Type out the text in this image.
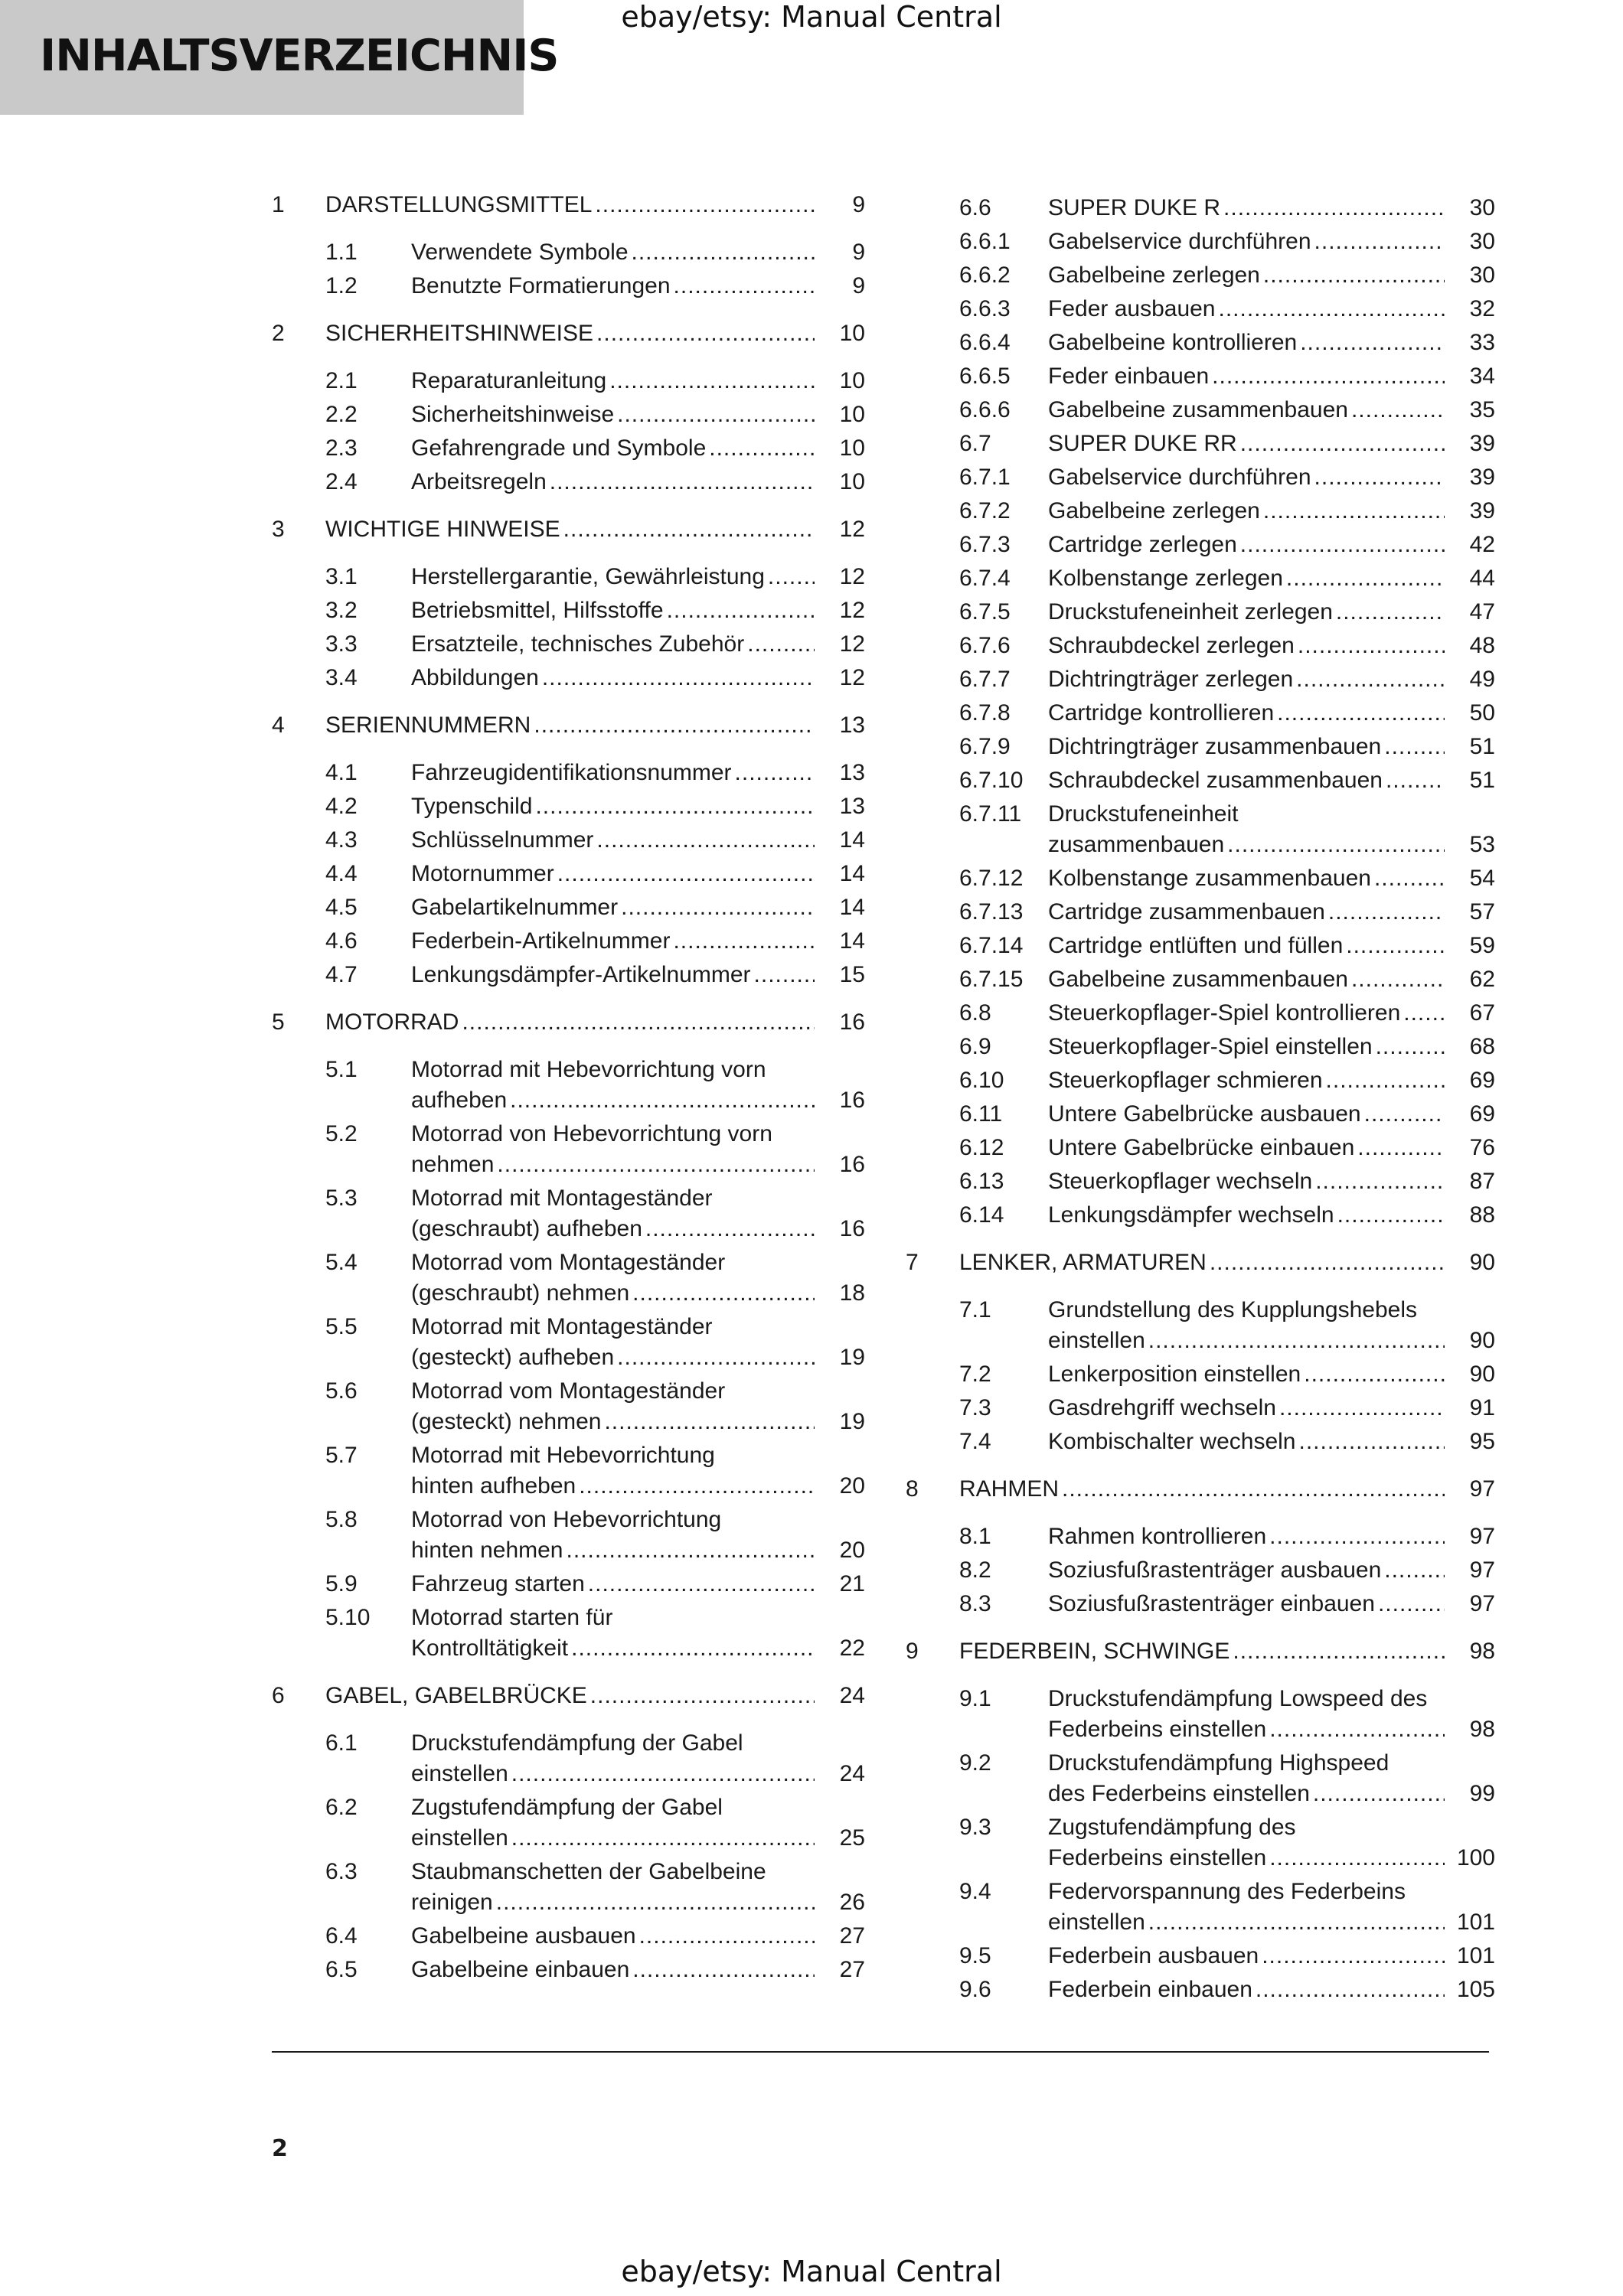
INHALTSVERZEICHNIS
ebay/etsy: Manual Central
1 DARSTELLUNGSMITTEL .....	9
1.1 Verwendete Symbole .....	9
1.2 Benutzte Formatierungen .....	9
2 SICHERHEITSHINWEISE .....	10
2.1 Reparaturanleitung .....	10
2.2 Sicherheitshinweise .....	10
2.3 Gefahrengrade und Symbole .....	10
2.4 Arbeitsregeln .....	10
3 WICHTIGE HINWEISE .....	12
3.1 Herstellergarantie, Gewährleistung .....	12
3.2 Betriebsmittel, Hilfsstoffe .....	12
3.3 Ersatzteile, technisches Zubehör .....	12
3.4 Abbildungen .....	12
4 SERIENNUMMERN .....	13
4.1 Fahrzeugidentifikationsnummer .....	13
4.2 Typenschild .....	13
4.3 Schlüsselnummer .....	14
4.4 Motornummer .....	14
4.5 Gabelartikelnummer .....	14
4.6 Federbein-Artikelnummer .....	14
4.7 Lenkungsdämpfer-Artikelnummer .....	15
5 MOTORRAD .....	16
5.1 Motorrad mit Hebevorrichtung vorn
aufheben .....	16
5.2 Motorrad von Hebevorrichtung vorn
nehmen .....	16
5.3 Motorrad mit Montageständer
(geschraubt) aufheben .....	16
5.4 Motorrad vom Montageständer
(geschraubt) nehmen .....	18
5.5 Motorrad mit Montageständer
(gesteckt) aufheben .....	19
5.6 Motorrad vom Montageständer
(gesteckt) nehmen .....	19
5.7 Motorrad mit Hebevorrichtung
hinten aufheben .....	20
5.8 Motorrad von Hebevorrichtung
hinten nehmen .....	20
5.9 Fahrzeug starten .....	21
5.10 Motorrad starten für
Kontrolltätigkeit .....	22
6 GABEL, GABELBRÜCKE .....	24
6.1 Druckstufendämpfung der Gabel
einstellen .....	24
6.2 Zugstufendämpfung der Gabel
einstellen .....	25
6.3 Staubmanschetten der Gabelbeine
reinigen .....	26
6.4 Gabelbeine ausbauen .....	27
6.5 Gabelbeine einbauen .....	27
6.6 SUPER DUKE R .....	30
6.6.1 Gabelservice durchführen .....	30
6.6.2 Gabelbeine zerlegen .....	30
6.6.3 Feder ausbauen .....	32
6.6.4 Gabelbeine kontrollieren .....	33
6.6.5 Feder einbauen .....	34
6.6.6 Gabelbeine zusammenbauen .....	35
6.7 SUPER DUKE RR .....	39
6.7.1 Gabelservice durchführen .....	39
6.7.2 Gabelbeine zerlegen .....	39
6.7.3 Cartridge zerlegen .....	42
6.7.4 Kolbenstange zerlegen .....	44
6.7.5 Druckstufeneinheit zerlegen .....	47
6.7.6 Schraubdeckel zerlegen .....	48
6.7.7 Dichtringträger zerlegen .....	49
6.7.8 Cartridge kontrollieren .....	50
6.7.9 Dichtringträger zusammenbauen .....	51
6.7.10 Schraubdeckel zusammenbauen .....	51
6.7.11 Druckstufeneinheit
zusammenbauen .....	53
6.7.12 Kolbenstange zusammenbauen .....	54
6.7.13 Cartridge zusammenbauen .....	57
6.7.14 Cartridge entlüften und füllen .....	59
6.7.15 Gabelbeine zusammenbauen .....	62
6.8 Steuerkopflager-Spiel kontrollieren .....	67
6.9 Steuerkopflager-Spiel einstellen .....	68
6.10 Steuerkopflager schmieren .....	69
6.11 Untere Gabelbrücke ausbauen .....	69
6.12 Untere Gabelbrücke einbauen .....	76
6.13 Steuerkopflager wechseln .....	87
6.14 Lenkungsdämpfer wechseln .....	88
7 LENKER, ARMATUREN .....	90
7.1 Grundstellung des Kupplungshebels
einstellen .....	90
7.2 Lenkerposition einstellen .....	90
7.3 Gasdrehgriff wechseln .....	91
7.4 Kombischalter wechseln .....	95
8 RAHMEN .....	97
8.1 Rahmen kontrollieren .....	97
8.2 Soziusfußrastenträger ausbauen .....	97
8.3 Soziusfußrastenträger einbauen .....	97
9 FEDERBEIN, SCHWINGE .....	98
9.1 Druckstufendämpfung Lowspeed des
Federbeins einstellen .....	98
9.2 Druckstufendämpfung Highspeed
des Federbeins einstellen .....	99
9.3 Zugstufendämpfung des
Federbeins einstellen .....	100
9.4 Federvorspannung des Federbeins
einstellen .....	101
9.5 Federbein ausbauen .....	101
9.6 Federbein einbauen .....	105
2
ebay/etsy: Manual Central
